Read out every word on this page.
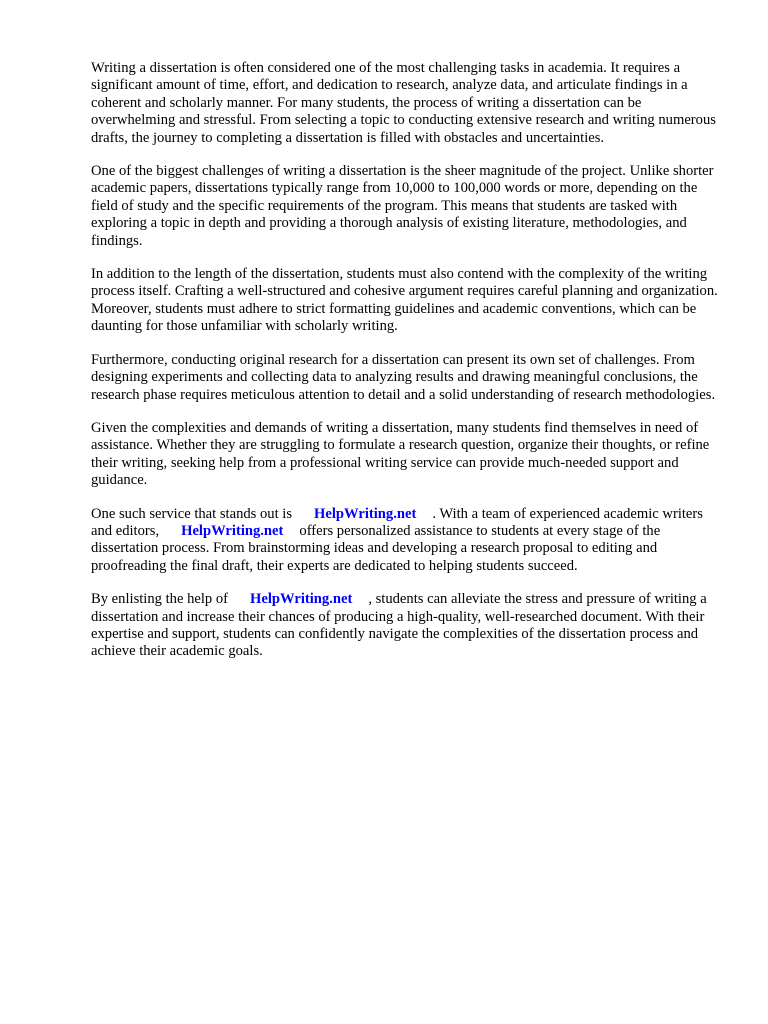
Writing a dissertation is often considered one of the most challenging tasks in academia. It requires a significant amount of time, effort, and dedication to research, analyze data, and articulate findings in a coherent and scholarly manner. For many students, the process of writing a dissertation can be overwhelming and stressful. From selecting a topic to conducting extensive research and writing numerous drafts, the journey to completing a dissertation is filled with obstacles and uncertainties.

One of the biggest challenges of writing a dissertation is the sheer magnitude of the project. Unlike shorter academic papers, dissertations typically range from 10,000 to 100,000 words or more, depending on the field of study and the specific requirements of the program. This means that students are tasked with exploring a topic in depth and providing a thorough analysis of existing literature, methodologies, and findings.

In addition to the length of the dissertation, students must also contend with the complexity of the writing process itself. Crafting a well-structured and cohesive argument requires careful planning and organization. Moreover, students must adhere to strict formatting guidelines and academic conventions, which can be daunting for those unfamiliar with scholarly writing.

Furthermore, conducting original research for a dissertation can present its own set of challenges. From designing experiments and collecting data to analyzing results and drawing meaningful conclusions, the research phase requires meticulous attention to detail and a solid understanding of research methodologies.

Given the complexities and demands of writing a dissertation, many students find themselves in need of assistance. Whether they are struggling to formulate a research question, organize their thoughts, or refine their writing, seeking help from a professional writing service can provide much-needed support and guidance.

One such service that stands out is HelpWriting.net . With a team of experienced academic writers and editors, HelpWriting.net offers personalized assistance to students at every stage of the dissertation process. From brainstorming ideas and developing a research proposal to editing and proofreading the final draft, their experts are dedicated to helping students succeed.

By enlisting the help of HelpWriting.net , students can alleviate the stress and pressure of writing a dissertation and increase their chances of producing a high-quality, well-researched document. With their expertise and support, students can confidently navigate the complexities of the dissertation process and achieve their academic goals.
